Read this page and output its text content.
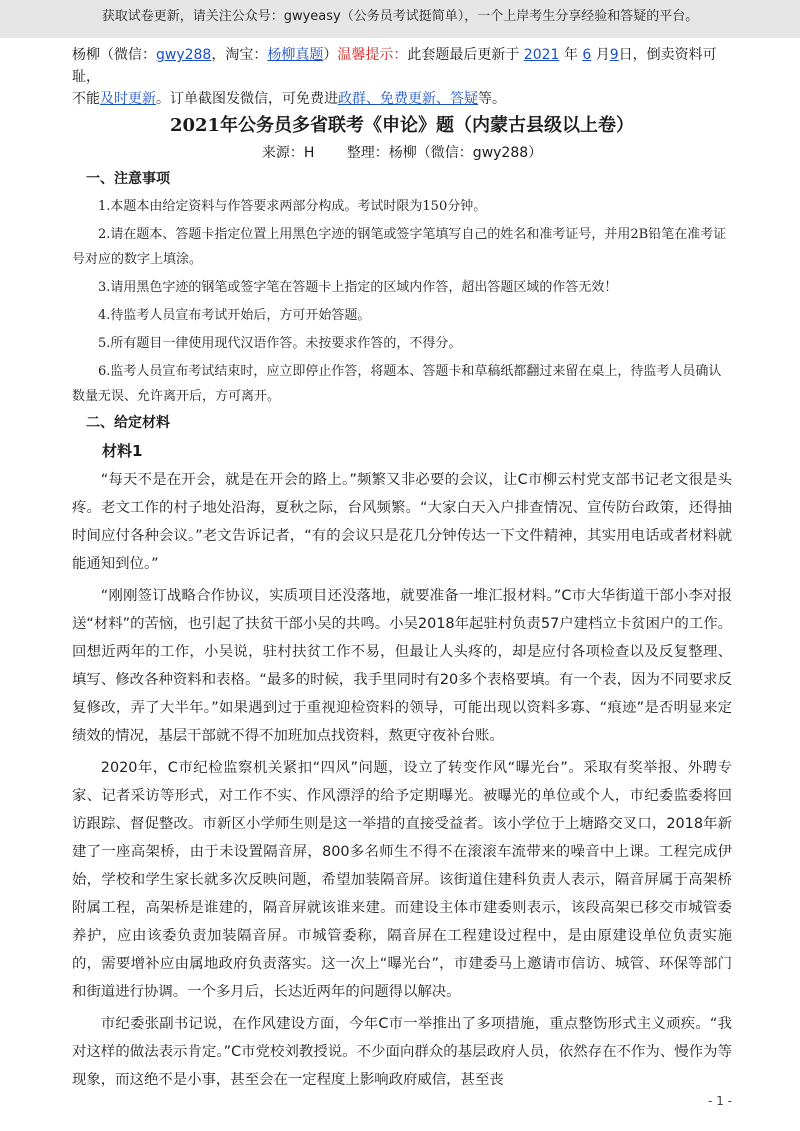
获取试卷更新，请关注公众号：gwyeasy（公务员考试挺简单），一个上岸考生分享经验和答疑的平台。

杨柳（微信：gwy288，淘宝：杨柳真题）温馨提示：此套题最后更新于 2021 年 6 月9日，倒卖资料可耻，
不能及时更新。订单截图发微信，可免费进政群、免费更新、答疑等。

2021年公务员多省联考《申论》题（内蒙古县级以上卷）

来源：H 整理：杨柳（微信：gwy288）

一、注意事项

1.本题本由给定资料与作答要求两部分构成。考试时限为150分钟。

2.请在题本、答题卡指定位置上用黑色字迹的钢笔或签字笔填写自己的姓名和准考证号，并用2B铅笔在准考证号对应的数字上填涂。

3.请用黑色字迹的钢笔或签字笔在答题卡上指定的区域内作答，超出答题区域的作答无效！

4.待监考人员宣布考试开始后，方可开始答题。

5.所有题目一律使用现代汉语作答。未按要求作答的，不得分。

6.监考人员宣布考试结束时，应立即停止作答，将题本、答题卡和草稿纸都翻过来留在桌上，待监考人员确认数量无误、允许离开后，方可离开。

二、给定材料
材料1

“每天不是在开会，就是在开会的路上。”频繁又非必要的会议，让C市柳云村党支部书记老文很是头疼。老文工作的村子地处沿海，夏秋之际，台风频繁。“大家白天入户排查情况、宣传防台政策，还得抽时间应付各种会议。”老文告诉记者，“有的会议只是花几分钟传达一下文件精神，其实用电话或者材料就能通知到位。”

“刚刚签订战略合作协议，实质项目还没落地，就要准备一堆汇报材料。”C市大华街道干部小李对报送“材料”的苦恼，也引起了扶贫干部小吴的共鸣。小吴2018年起驻村负责57户建档立卡贫困户的工作。回想近两年的工作，小吴说，驻村扶贫工作不易，但最让人头疼的，却是应付各项检查以及反复整理、填写、修改各种资料和表格。“最多的时候，我手里同时有20多个表格要填。有一个表，因为不同要求反复修改，弄了大半年。”如果遇到过于重视迎检资料的领导，可能出现以资料多寡、“痕迹”是否明显来定绩效的情况，基层干部就不得不加班加点找资料，熬更守夜补台账。

2020年，C市纪检监察机关紧扣“四风”问题，设立了转变作风“曝光台”。采取有奖举报、外聘专家、记者采访等形式，对工作不实、作风漂浮的给予定期曝光。被曝光的单位或个人，市纪委监委将回访跟踪、督促整改。市新区小学师生则是这一举措的直接受益者。该小学位于上塘路交叉口，2018年新建了一座高架桥，由于未设置隔音屏，800多名师生不得不在滚滚车流带来的噪音中上课。工程完成伊始，学校和学生家长就多次反映问题，希望加装隔音屏。该街道住建科负责人表示，隔音屏属于高架桥附属工程，高架桥是谁建的，隔音屏就该谁来建。而建设主体市建委则表示，该段高架已移交市城管委养护，应由该委负责加装隔音屏。市城管委称，隔音屏在工程建设过程中，是由原建设单位负责实施的，需要增补应由属地政府负责落实。这一次上“曝光台”，市建委马上邀请市信访、城管、环保等部门和街道进行协调。一个多月后，长达近两年的问题得以解决。

市纪委张副书记说，在作风建设方面，今年C市一举推出了多项措施，重点整饬形式主义顽疾。“我对这样的做法表示肯定。”C市党校刘教授说。不少面向群众的基层政府人员，依然存在不作为、慢作为等现象，而这绝不是小事，甚至会在一定程度上影响政府威信，甚至丧

- 1 -
